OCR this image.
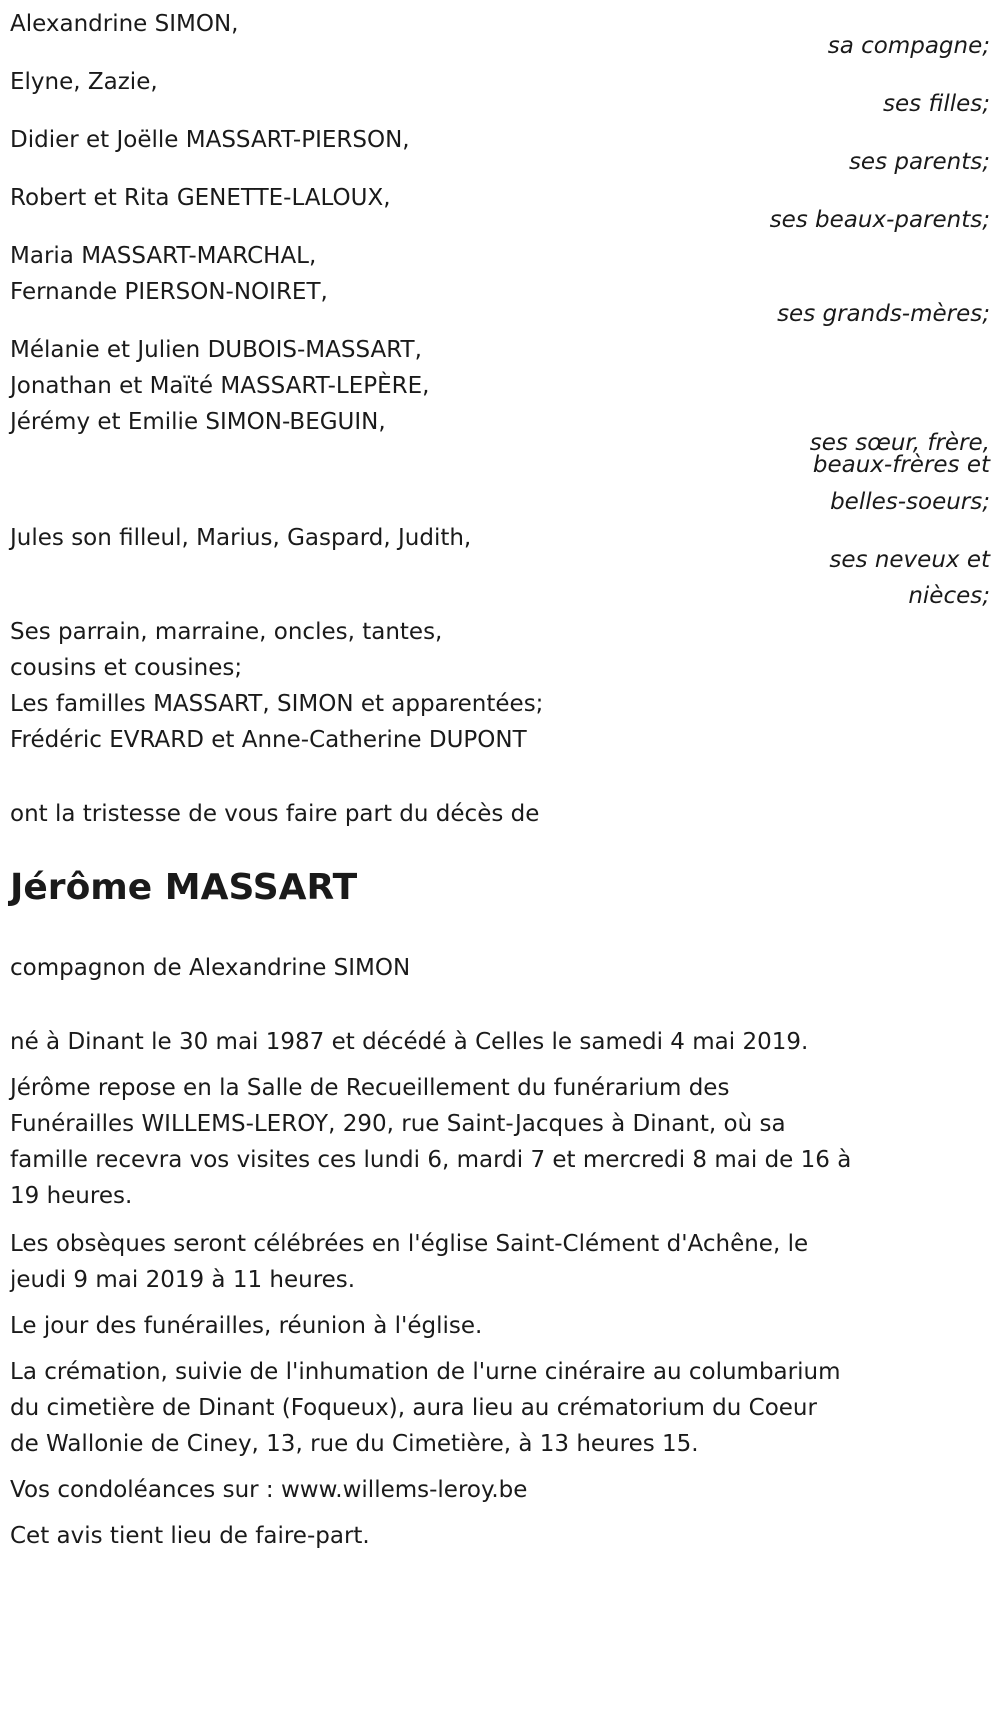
Alexandrine SIMON,
sa compagne;
Elyne, Zazie,
ses filles;
Didier et Joëlle MASSART-PIERSON,
ses parents;
Robert et Rita GENETTE-LALOUX,
ses beaux-parents;
Maria MASSART-MARCHAL,
Fernande PIERSON-NOIRET,
ses grands-mères;
Mélanie et Julien DUBOIS-MASSART,
Jonathan et Maïté MASSART-LEPÈRE,
Jérémy et Emilie SIMON-BEGUIN,
ses sœur, frère,
beaux-frères et
belles-soeurs;
Jules son filleul, Marius, Gaspard, Judith,
ses neveux et
nièces;
Ses parrain, marraine, oncles, tantes,
cousins et cousines;
Les familles MASSART, SIMON et apparentées;
Frédéric EVRARD et Anne-Catherine DUPONT
ont la tristesse de vous faire part du décès de
Jérôme MASSART
compagnon de Alexandrine SIMON
né à Dinant le 30 mai 1987 et décédé à Celles le samedi 4 mai 2019.
Jérôme repose en la Salle de Recueillement du funérarium des
Funérailles WILLEMS-LEROY, 290, rue Saint-Jacques à Dinant, où sa
famille recevra vos visites ces lundi 6, mardi 7 et mercredi 8 mai de 16 à
19 heures.
Les obsèques seront célébrées en l'église Saint-Clément d'Achêne, le
jeudi 9 mai 2019 à 11 heures.
Le jour des funérailles, réunion à l'église.
La crémation, suivie de l'inhumation de l'urne cinéraire au columbarium
du cimetière de Dinant (Foqueux), aura lieu au crématorium du Coeur
de Wallonie de Ciney, 13, rue du Cimetière, à 13 heures 15.
Vos condoléances sur : www.willems-leroy.be
Cet avis tient lieu de faire-part.
